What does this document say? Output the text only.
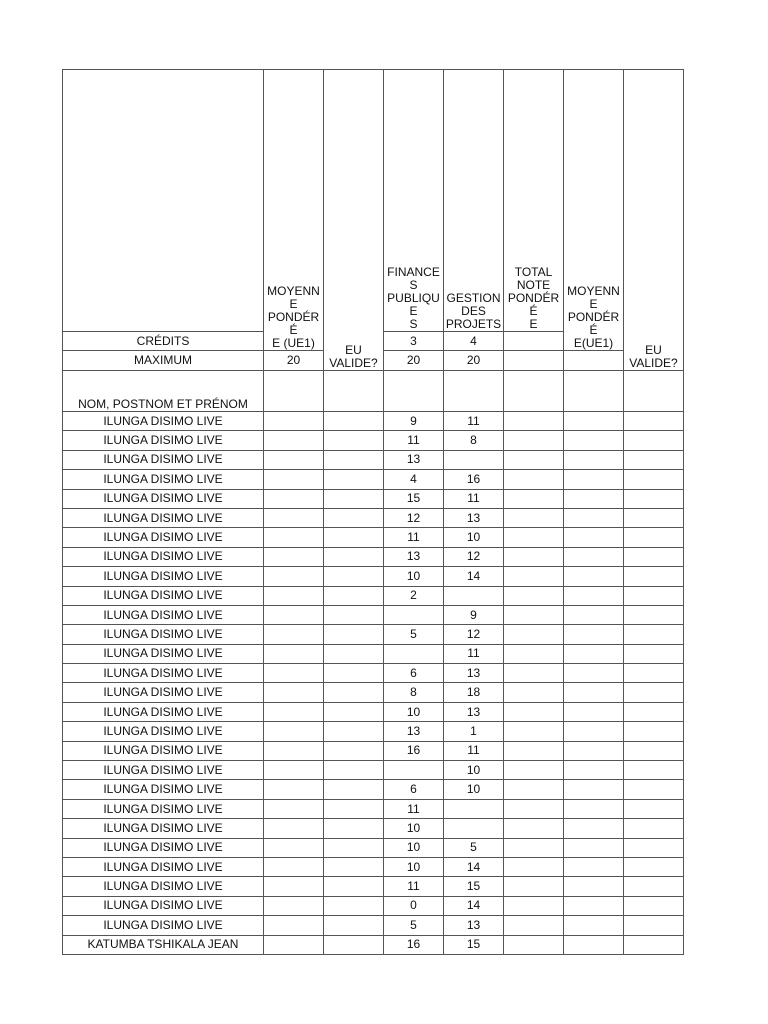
	MOYENN
E
PONDÉRÉ
E (UE1)	EU
VALIDE?	FINANCES
PUBLIQUE
S	GESTION
DES
PROJETS	TOTAL
NOTE
PONDÉRÉ
E	MOYENN
E
PONDÉRÉ
E(UE1)	EU
VALIDE?
CRÉDITS			3	4			
MAXIMUM	20		20	20			
NOM, POSTNOM ET PRÉNOM							
ILUNGA DISIMO LIVE			9	11			
ILUNGA DISIMO LIVE			11	8			
ILUNGA DISIMO LIVE			13				
ILUNGA DISIMO LIVE			4	16			
ILUNGA DISIMO LIVE			15	11			
ILUNGA DISIMO LIVE			12	13			
ILUNGA DISIMO LIVE			11	10			
ILUNGA DISIMO LIVE			13	12			
ILUNGA DISIMO LIVE			10	14			
ILUNGA DISIMO LIVE			2				
ILUNGA DISIMO LIVE				9			
ILUNGA DISIMO LIVE			5	12			
ILUNGA DISIMO LIVE				11			
ILUNGA DISIMO LIVE			6	13			
ILUNGA DISIMO LIVE			8	18			
ILUNGA DISIMO LIVE			10	13			
ILUNGA DISIMO LIVE			13	1			
ILUNGA DISIMO LIVE			16	11			
ILUNGA DISIMO LIVE				10			
ILUNGA DISIMO LIVE			6	10			
ILUNGA DISIMO LIVE			11				
ILUNGA DISIMO LIVE			10				
ILUNGA DISIMO LIVE			10	5			
ILUNGA DISIMO LIVE			10	14			
ILUNGA DISIMO LIVE			11	15			
ILUNGA DISIMO LIVE			0	14			
ILUNGA DISIMO LIVE			5	13			
KATUMBA TSHIKALA JEAN			16	15			
